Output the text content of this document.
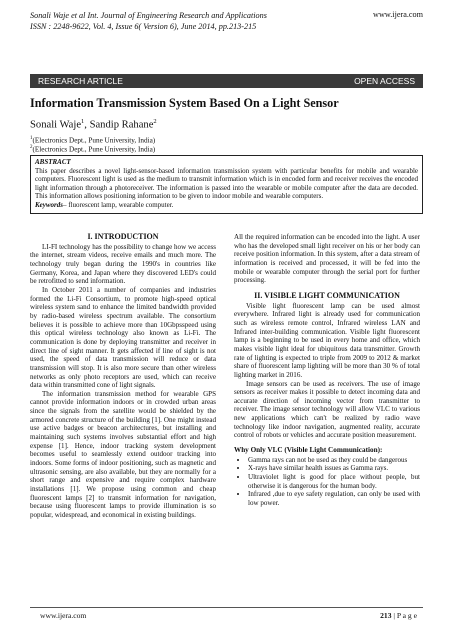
Sonali Waje et al Int. Journal of Engineering Research and Applications
ISSN : 2248-9622, Vol. 4, Issue 6( Version 6), June 2014, pp.213-215
www.ijera.com
RESEARCH ARTICLE	OPEN ACCESS
Information Transmission System Based On a Light Sensor
Sonali Waje$^1$, Sandip Rahane$^2$
$^1$(Electronics Dept., Pune University, India)
$^2$(Electronics Dept., Pune University, India)
ABSTRACT
This paper describes a novel light-sensor-based information transmission system with particular benefits for mobile and wearable computers. Fluorescent light is used as the medium to transmit information which is in encoded form and receiver receives the encoded light information through a photoreceiver. The information is passed into the wearable or mobile computer after the data are decoded. This information allows positioning information to be given to indoor mobile and wearable computers.
Keywords– fluorescent lamp, wearable computer.
I. INTRODUCTION

LI-FI technology has the possibility to change how we access the internet, stream videos, receive emails and much more. The technology truly began during the 1990's in countries like Germany, Korea, and Japan where they discovered LED's could be retrofitted to send information.

In October 2011 a number of companies and industries formed the Li-Fi Consortium, to promote high-speed optical wireless system sand to enhance the limited bandwidth provided by radio-based wireless spectrum available. The consortium believes it is possible to achieve more than 10Gbpsspeed using this optical wireless technology also known as Li-Fi. The communication is done by deploying transmitter and receiver in direct line of sight manner. It gets affected if line of sight is not used, the speed of data transmission will reduce or data transmission will stop. It is also more secure than other wireless networks as only photo receptors are used, which can receive data within transmitted cone of light signals.

The information transmission method for wearable GPS cannot provide information indoors or in crowded urban areas since the signals from the satellite would be shielded by the armored concrete structure of the building [1]. One might instead use active badges or beacon architectures, but installing and maintaining such systems involves substantial effort and high expense [1]. Hence, indoor tracking system development becomes useful to seamlessly extend outdoor tracking into indoors. Some forms of indoor positioning, such as magnetic and ultrasonic sensing, are also available, but they are normally for a short range and expensive and require complex hardware installations [1]. We propose using common and cheap fluorescent lamps [2] to transmit information for navigation, because using fluorescent lamps to provide illumination is so popular, widespread, and economical in existing buildings.

All the required information can be encoded into the light. A user who has the developed small light receiver on his or her body can receive position information. In this system, after a data stream of information is received and processed, it will be fed into the mobile or wearable computer through the serial port for further processing.

II. VISIBLE LIGHT COMMUNICATION

Visible light fluorescent lamp can be used almost everywhere. Infrared light is already used for communication such as wireless remote control, Infrared wireless LAN and Infrared inter-building communication. Visible light fluorescent lamp is a beginning to be used in every home and office, which makes visible light ideal for ubiquitous data transmitter. Growth rate of lighting is expected to triple from 2009 to 2012 & market share of fluorescent lamp lighting will be more than 30 % of total lighting market in 2016.

Image sensors can be used as receivers. The use of image sensors as receiver makes it possible to detect incoming data and accurate direction of incoming vector from transmitter to receiver. The image sensor technology will allow VLC to various new applications which can't be realized by radio wave technology like indoor navigation, augmented reality, accurate control of robots or vehicles and accurate position measurement.

Why Only VLC (Visible Light Communication):
• Gamma rays can not be used as they could be dangerous
• X-rays have similar health issues as Gamma rays.
• Ultraviolet light is good for place without people, but otherwise it is dangerous for the human body.
• Infrared ,due to eye safety regulation, can only be used with low power.
www.ijera.com	213 | P a g e
